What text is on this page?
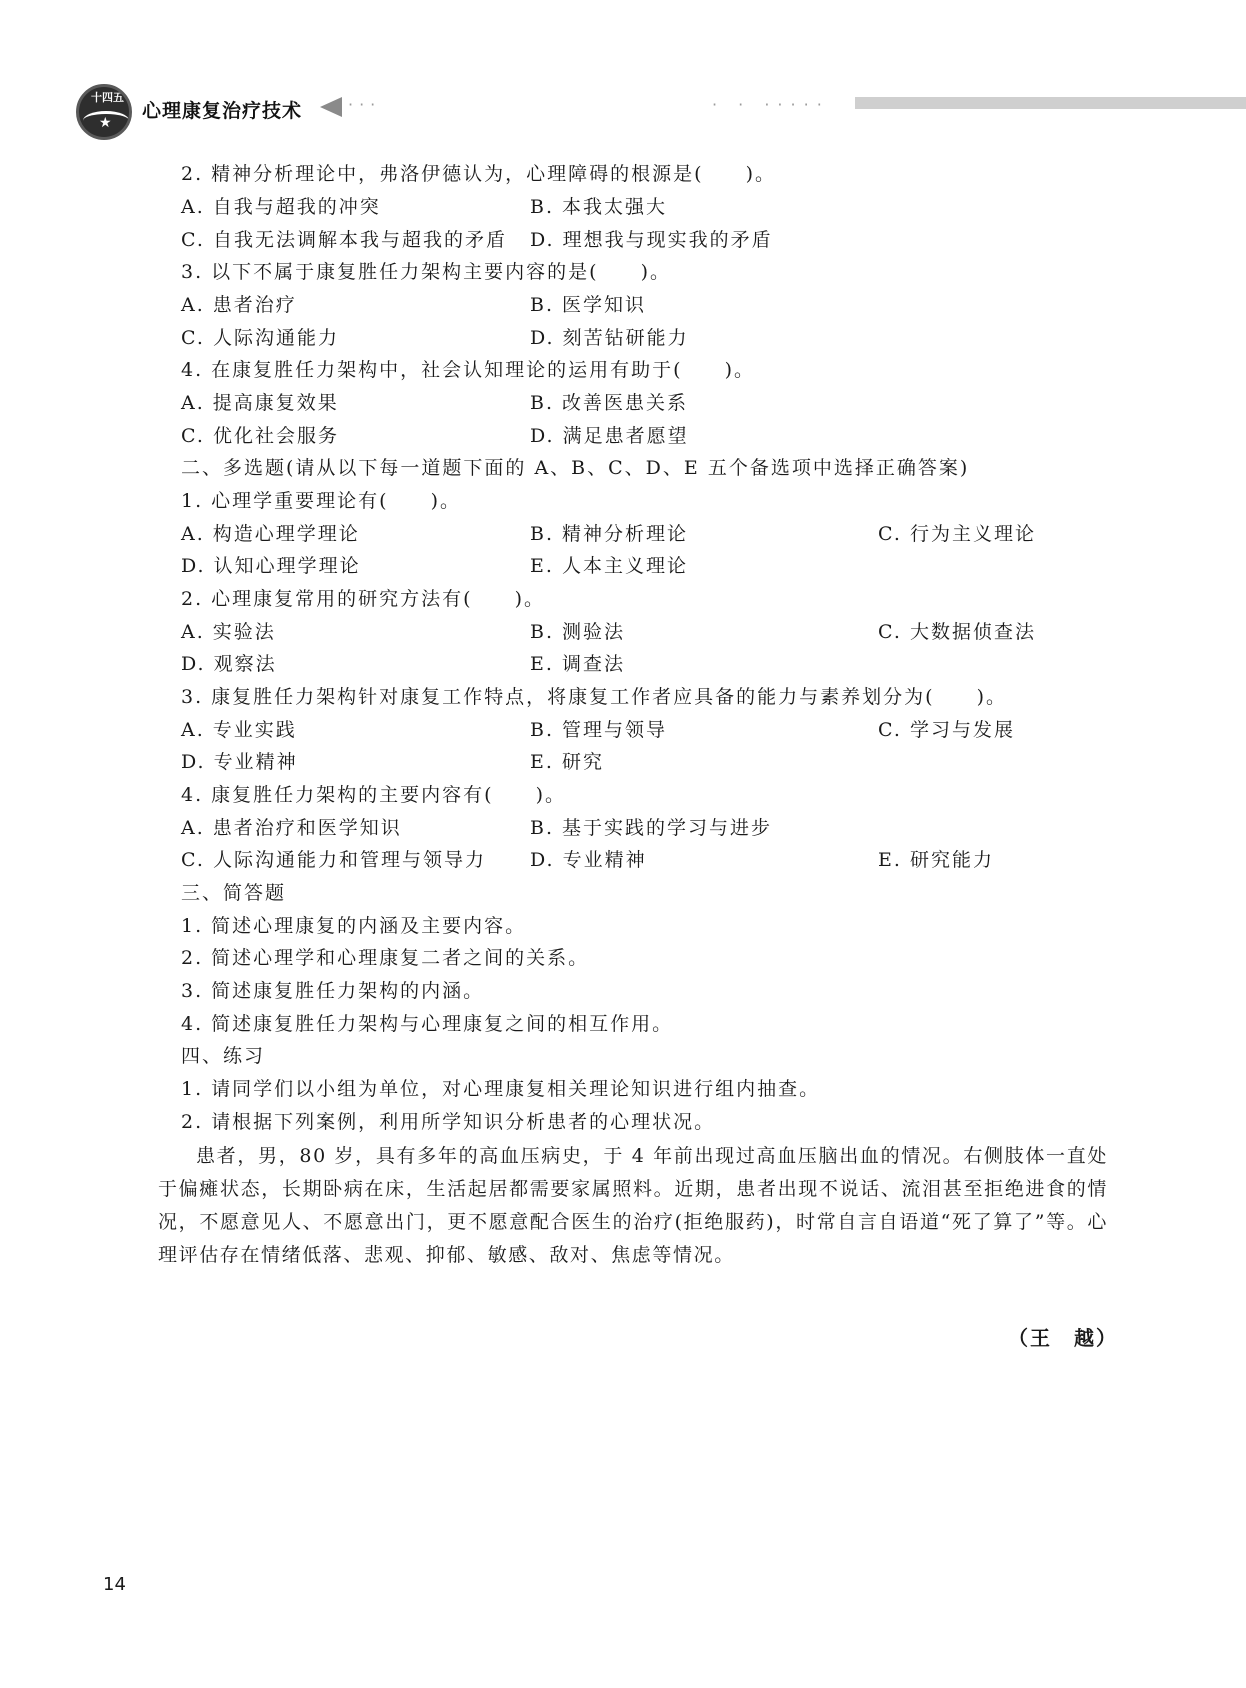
十四五
★
心理康复治疗技术	···	· · ·····
2. 精神分析理论中，弗洛伊德认为，心理障碍的根源是(　　)。
A. 自我与超我的冲突	B. 本我太强大
C. 自我无法调解本我与超我的矛盾 D. 理想我与现实我的矛盾
3. 以下不属于康复胜任力架构主要内容的是(　　)。
A. 患者治疗	B. 医学知识
C. 人际沟通能力	D. 刻苦钻研能力
4. 在康复胜任力架构中，社会认知理论的运用有助于(　　)。
A. 提高康复效果	B. 改善医患关系
C. 优化社会服务	D. 满足患者愿望
二、多选题(请从以下每一道题下面的 A、B、C、D、E 五个备选项中选择正确答案)
1. 心理学重要理论有(　　)。
A. 构造心理学理论	B. 精神分析理论	C. 行为主义理论
D. 认知心理学理论	E. 人本主义理论
2. 心理康复常用的研究方法有(　　)。
A. 实验法	B. 测验法	C. 大数据侦查法
D. 观察法	E. 调查法
3. 康复胜任力架构针对康复工作特点，将康复工作者应具备的能力与素养划分为(　　)。
A. 专业实践	B. 管理与领导	C. 学习与发展
D. 专业精神	E. 研究
4. 康复胜任力架构的主要内容有(　　)。
A. 患者治疗和医学知识	B. 基于实践的学习与进步
C. 人际沟通能力和管理与领导力 D. 专业精神	E. 研究能力
三、简答题
1. 简述心理康复的内涵及主要内容。
2. 简述心理学和心理康复二者之间的关系。
3. 简述康复胜任力架构的内涵。
4. 简述康复胜任力架构与心理康复之间的相互作用。
四、练习
1. 请同学们以小组为单位，对心理康复相关理论知识进行组内抽查。
2. 请根据下列案例，利用所学知识分析患者的心理状况。
患者，男，80 岁，具有多年的高血压病史，于 4 年前出现过高血压脑出血的情况。右侧肢体一直处于偏瘫状态，长期卧病在床，生活起居都需要家属照料。近期，患者出现不说话、流泪甚至拒绝进食的情况，不愿意见人、不愿意出门，更不愿意配合医生的治疗(拒绝服药)，时常自言自语道“死了算了”等。心理评估存在情绪低落、悲观、抑郁、敏感、敌对、焦虑等情况。
（王　越）
14
